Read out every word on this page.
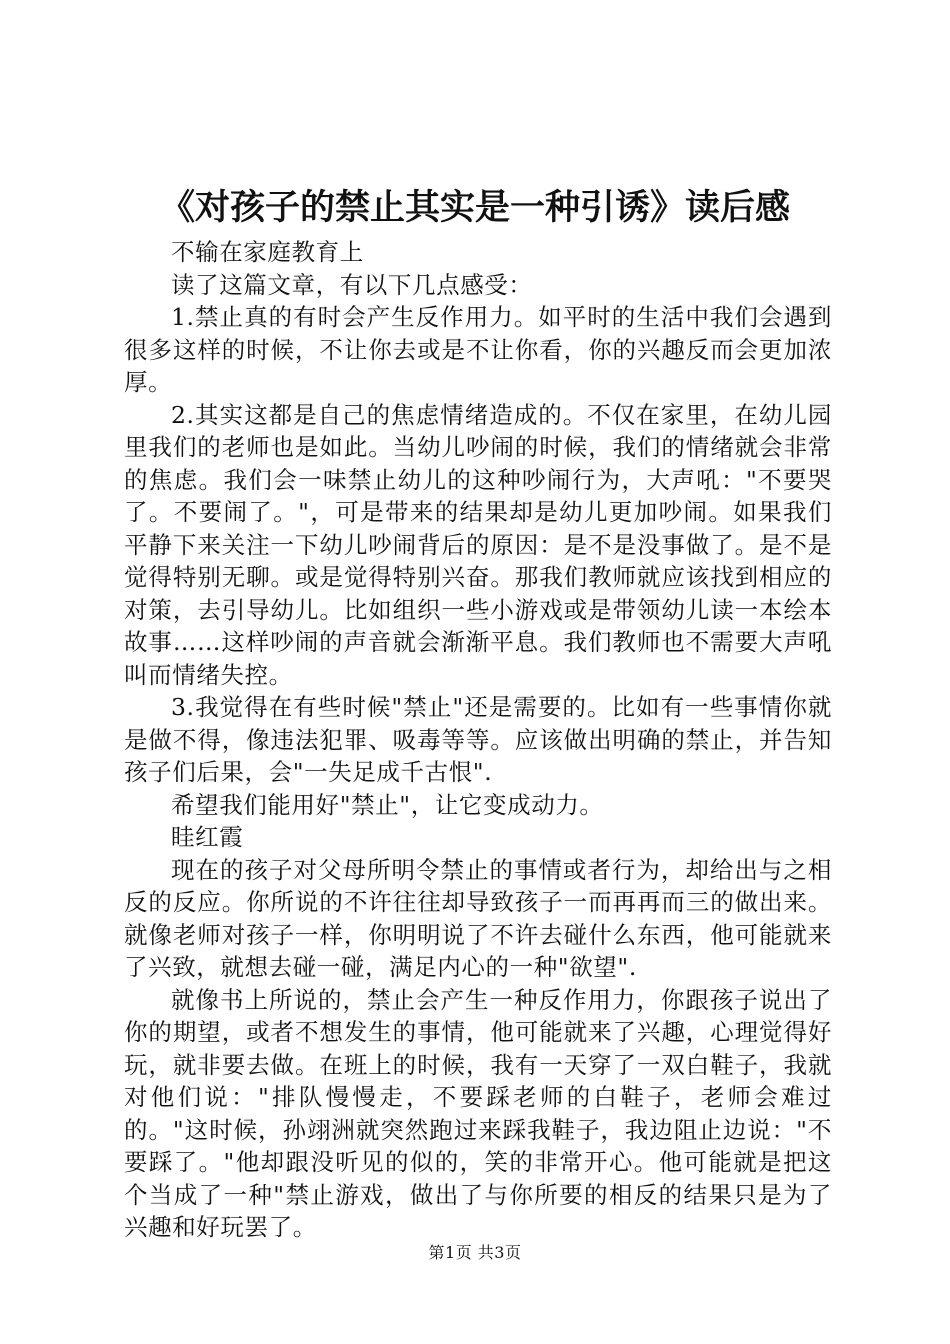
《对孩子的禁止其实是一种引诱》读后感

不输在家庭教育上

读了这篇文章，有以下几点感受：

1.禁止真的有时会产生反作用力。如平时的生活中我们会遇到很多这样的时候，不让你去或是不让你看，你的兴趣反而会更加浓厚。

2.其实这都是自己的焦虑情绪造成的。不仅在家里，在幼儿园里我们的老师也是如此。当幼儿吵闹的时候，我们的情绪就会非常的焦虑。我们会一味禁止幼儿的这种吵闹行为，大声吼："不要哭了。不要闹了。"，可是带来的结果却是幼儿更加吵闹。如果我们平静下来关注一下幼儿吵闹背后的原因：是不是没事做了。是不是觉得特别无聊。或是觉得特别兴奋。那我们教师就应该找到相应的对策，去引导幼儿。比如组织一些小游戏或是带领幼儿读一本绘本故事……这样吵闹的声音就会渐渐平息。我们教师也不需要大声吼叫而情绪失控。

3.我觉得在有些时候"禁止"还是需要的。比如有一些事情你就是做不得，像违法犯罪、吸毒等等。应该做出明确的禁止，并告知孩子们后果，会"一失足成千古恨".

希望我们能用好"禁止"，让它变成动力。

眭红霞

现在的孩子对父母所明令禁止的事情或者行为，却给出与之相反的反应。你所说的不许往往却导致孩子一而再再而三的做出来。就像老师对孩子一样，你明明说了不许去碰什么东西，他可能就来了兴致，就想去碰一碰，满足内心的一种"欲望".

就像书上所说的，禁止会产生一种反作用力，你跟孩子说出了你的期望，或者不想发生的事情，他可能就来了兴趣，心理觉得好玩，就非要去做。在班上的时候，我有一天穿了一双白鞋子，我就对他们说："排队慢慢走，不要踩老师的白鞋子，老师会难过的。"这时候，孙翊洲就突然跑过来踩我鞋子，我边阻止边说："不要踩了。"他却跟没听见的似的，笑的非常开心。他可能就是把这个当成了一种"禁止游戏，做出了与你所要的相反的结果只是为了兴趣和好玩罢了。

第1页 共3页
